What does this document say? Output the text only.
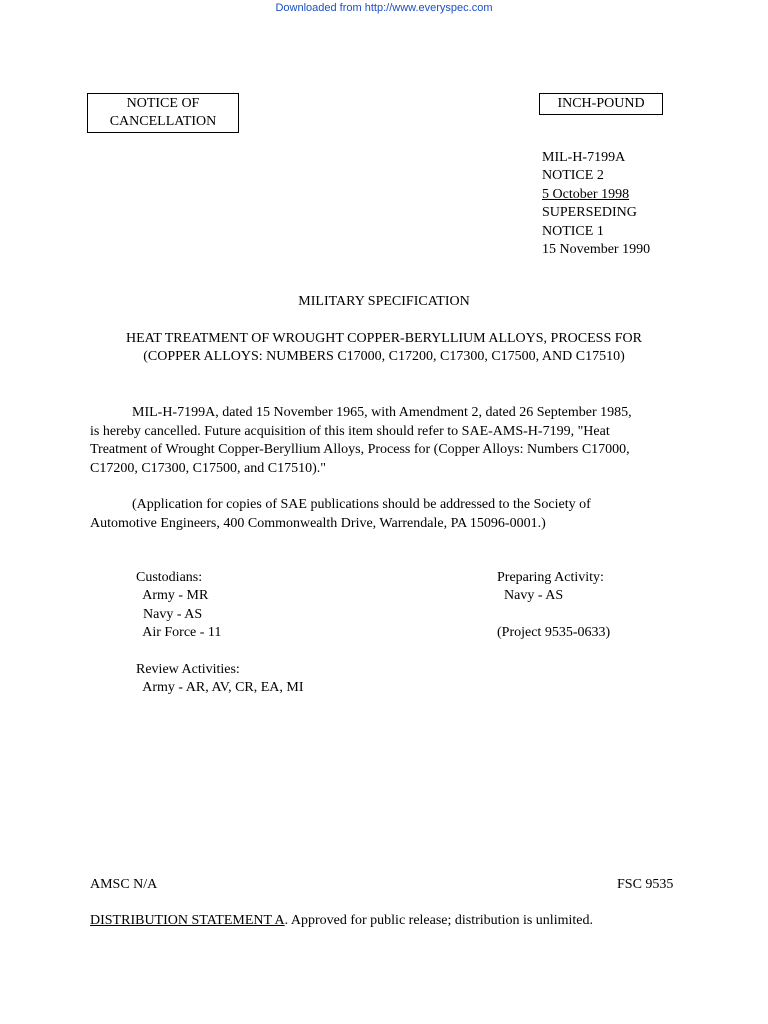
Downloaded from http://www.everyspec.com
NOTICE OF
CANCELLATION
INCH-POUND
MIL-H-7199A
NOTICE 2
5 October 1998
SUPERSEDING
NOTICE 1
15 November 1990
MILITARY SPECIFICATION
HEAT TREATMENT OF WROUGHT COPPER-BERYLLIUM ALLOYS, PROCESS FOR
(COPPER ALLOYS: NUMBERS C17000, C17200, C17300, C17500, AND C17510)
MIL-H-7199A, dated 15 November 1965, with Amendment 2, dated 26 September 1985,
is hereby cancelled. Future acquisition of this item should refer to SAE-AMS-H-7199, "Heat
Treatment of Wrought Copper-Beryllium Alloys, Process for (Copper Alloys: Numbers C17000,
C17200, C17300, C17500, and C17510)."
(Application for copies of SAE publications should be addressed to the Society of
Automotive Engineers, 400 Commonwealth Drive, Warrendale, PA 15096-0001.)
Custodians:
Army - MR
Navy - AS
Air Force - 11
Preparing Activity:
Navy - AS

(Project 9535-0633)
Review Activities:
Army - AR, AV, CR, EA, MI
AMSC N/A	FSC 9535
DISTRIBUTION STATEMENT A. Approved for public release; distribution is unlimited.
